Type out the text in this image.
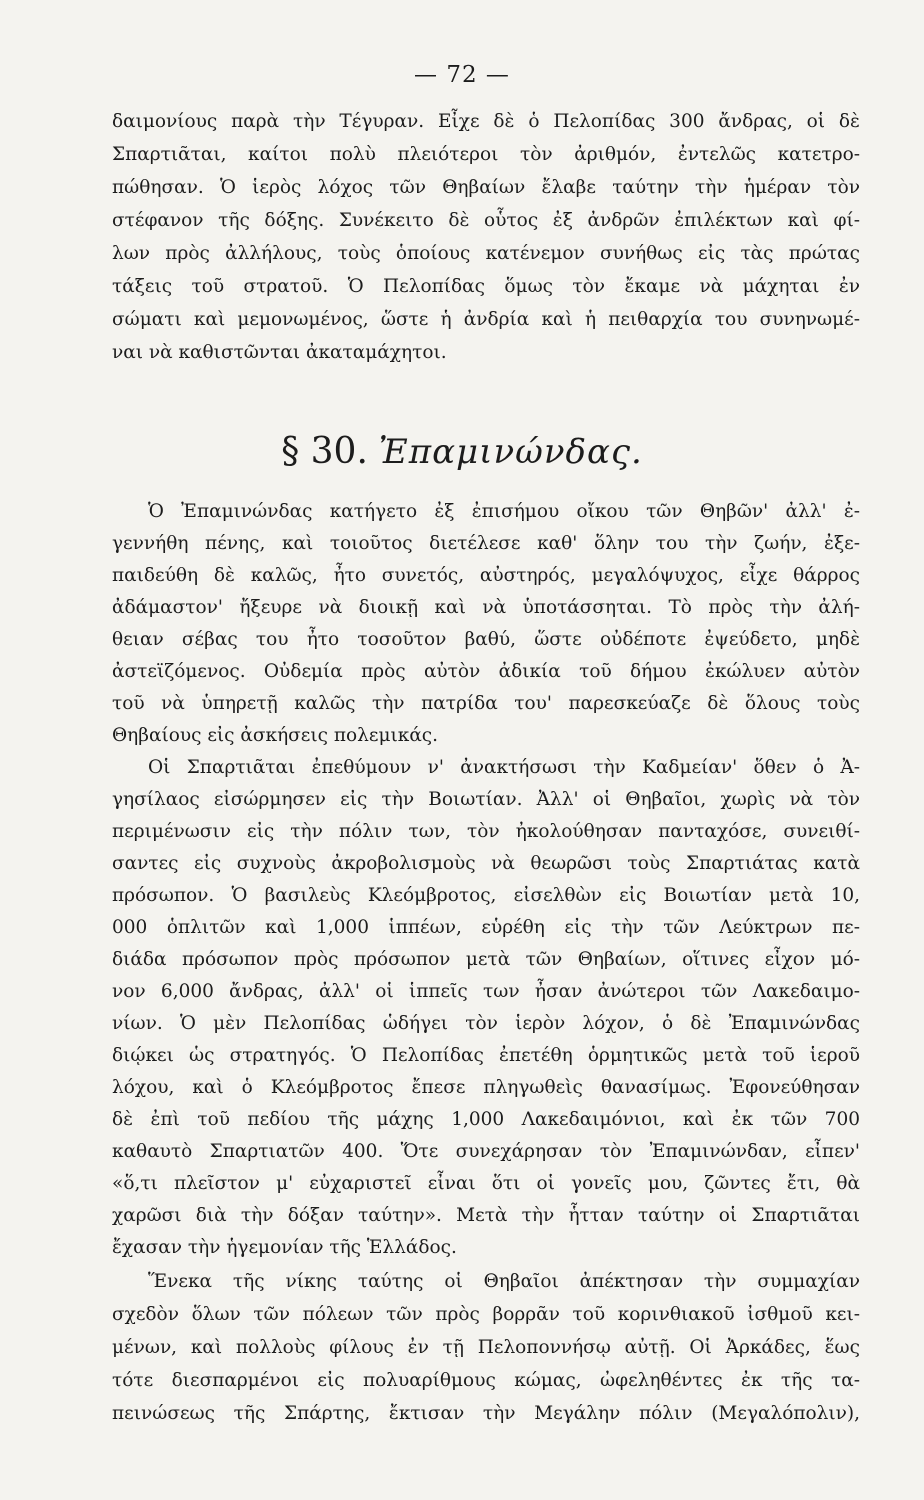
— 72 —
δαιμονίους παρὰ τὴν Τέγυραν. Εἶχε δὲ ὁ Πελοπίδας 300 ἄνδρας, οἱ δὲ
Σπαρτιᾶται, καίτοι πολὺ πλειότεροι τὸν ἀριθμόν, ἐντελῶς κατετρο-
πώθησαν. Ὁ ἱερὸς λόχος τῶν Θηβαίων ἔλαβε ταύτην τὴν ἡμέραν τὸν
στέφανον τῆς δόξης. Συνέκειτο δὲ οὗτος ἐξ ἀνδρῶν ἐπιλέκτων καὶ φί-
λων πρὸς ἀλλήλους, τοὺς ὁποίους κατένεμον συνήθως εἰς τὰς πρώτας
τάξεις τοῦ στρατοῦ. Ὁ Πελοπίδας ὅμως τὸν ἔκαμε νὰ μάχηται ἐν
σώματι καὶ μεμονωμένος, ὥστε ἡ ἀνδρία καὶ ἡ πειθαρχία του συνηνωμέ-
ναι νὰ καθιστῶνται ἀκαταμάχητοι.
§ 30. Ἐπαμινώνδας.
Ὁ Ἐπαμινώνδας κατήγετο ἐξ ἐπισήμου οἴκου τῶν Θηβῶν' ἀλλ' ἐ-
γεννήθη πένης, καὶ τοιοῦτος διετέλεσε καθ' ὅλην του τὴν ζωήν, ἐξε-
παιδεύθη δὲ καλῶς, ἦτο συνετός, αὐστηρός, μεγαλόψυχος, εἶχε θάρρος
ἀδάμαστον' ἤξευρε νὰ διοικῇ καὶ νὰ ὑποτάσσηται. Τὸ πρὸς τὴν ἀλή-
θειαν σέβας του ἦτο τοσοῦτον βαθύ, ὥστε οὐδέποτε ἐψεύδετο, μηδὲ
ἀστεϊζόμενος. Οὐδεμία πρὸς αὐτὸν ἀδικία τοῦ δήμου ἐκώλυεν αὐτὸν
τοῦ νὰ ὑπηρετῇ καλῶς τὴν πατρίδα του' παρεσκεύαζε δὲ ὅλους τοὺς
Θηβαίους εἰς ἀσκήσεις πολεμικάς.
Οἱ Σπαρτιᾶται ἐπεθύμουν ν' ἀνακτήσωσι τὴν Καδμείαν' ὅθεν ὁ Ἀ-
γησίλαος εἰσώρμησεν εἰς τὴν Βοιωτίαν. Ἀλλ' οἱ Θηβαῖοι, χωρὶς νὰ τὸν
περιμένωσιν εἰς τὴν πόλιν των, τὸν ἠκολούθησαν πανταχόσε, συνειθί-
σαντες εἰς συχνοὺς ἀκροβολισμοὺς νὰ θεωρῶσι τοὺς Σπαρτιάτας κατὰ
πρόσωπον. Ὁ βασιλεὺς Κλεόμβροτος, εἰσελθὼν εἰς Βοιωτίαν μετὰ 10,
000 ὁπλιτῶν καὶ 1,000 ἱππέων, εὑρέθη εἰς τὴν τῶν Λεύκτρων πε-
διάδα πρόσωπον πρὸς πρόσωπον μετὰ τῶν Θηβαίων, οἵτινες εἶχον μό-
νον 6,000 ἄνδρας, ἀλλ' οἱ ἱππεῖς των ἦσαν ἀνώτεροι τῶν Λακεδαιμο-
νίων. Ὁ μὲν Πελοπίδας ὡδήγει τὸν ἱερὸν λόχον, ὁ δὲ Ἐπαμινώνδας
διῴκει ὡς στρατηγός. Ὁ Πελοπίδας ἐπετέθη ὁρμητικῶς μετὰ τοῦ ἱεροῦ
λόχου, καὶ ὁ Κλεόμβροτος ἔπεσε πληγωθεὶς θανασίμως. Ἐφονεύθησαν
δὲ ἐπὶ τοῦ πεδίου τῆς μάχης 1,000 Λακεδαιμόνιοι, καὶ ἐκ τῶν 700
καθαυτὸ Σπαρτιατῶν 400. Ὅτε συνεχάρησαν τὸν Ἐπαμινώνδαν, εἶπεν'
«ὅ,τι πλεῖστον μ' εὐχαριστεῖ εἶναι ὅτι οἱ γονεῖς μου, ζῶντες ἔτι, θὰ
χαρῶσι διὰ τὴν δόξαν ταύτην». Μετὰ τὴν ἧτταν ταύτην οἱ Σπαρτιᾶται
ἔχασαν τὴν ἡγεμονίαν τῆς Ἑλλάδος.
Ἕνεκα τῆς νίκης ταύτης οἱ Θηβαῖοι ἀπέκτησαν τὴν συμμαχίαν
σχεδὸν ὅλων τῶν πόλεων τῶν πρὸς βορρᾶν τοῦ κορινθιακοῦ ἰσθμοῦ κει-
μένων, καὶ πολλοὺς φίλους ἐν τῇ Πελοποννήσῳ αὐτῇ. Οἱ Ἀρκάδες, ἕως
τότε διεσπαρμένοι εἰς πολυαρίθμους κώμας, ὠφεληθέντες ἐκ τῆς τα-
πεινώσεως τῆς Σπάρτης, ἔκτισαν τὴν Μεγάλην πόλιν (Μεγαλόπολιν),
